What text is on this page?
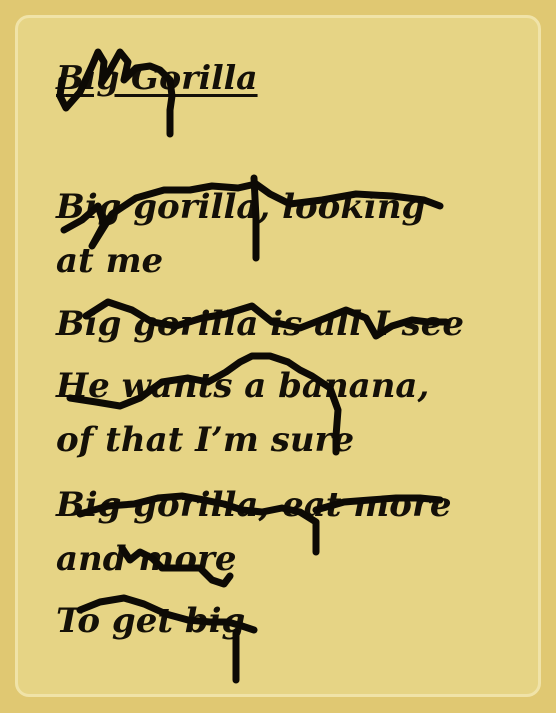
Big Gorilla
Big gorilla, looking
at me
Big gorilla is all I see
He wants a banana,
of that I’m sure
Big gorilla, eat more
and more
To get big
